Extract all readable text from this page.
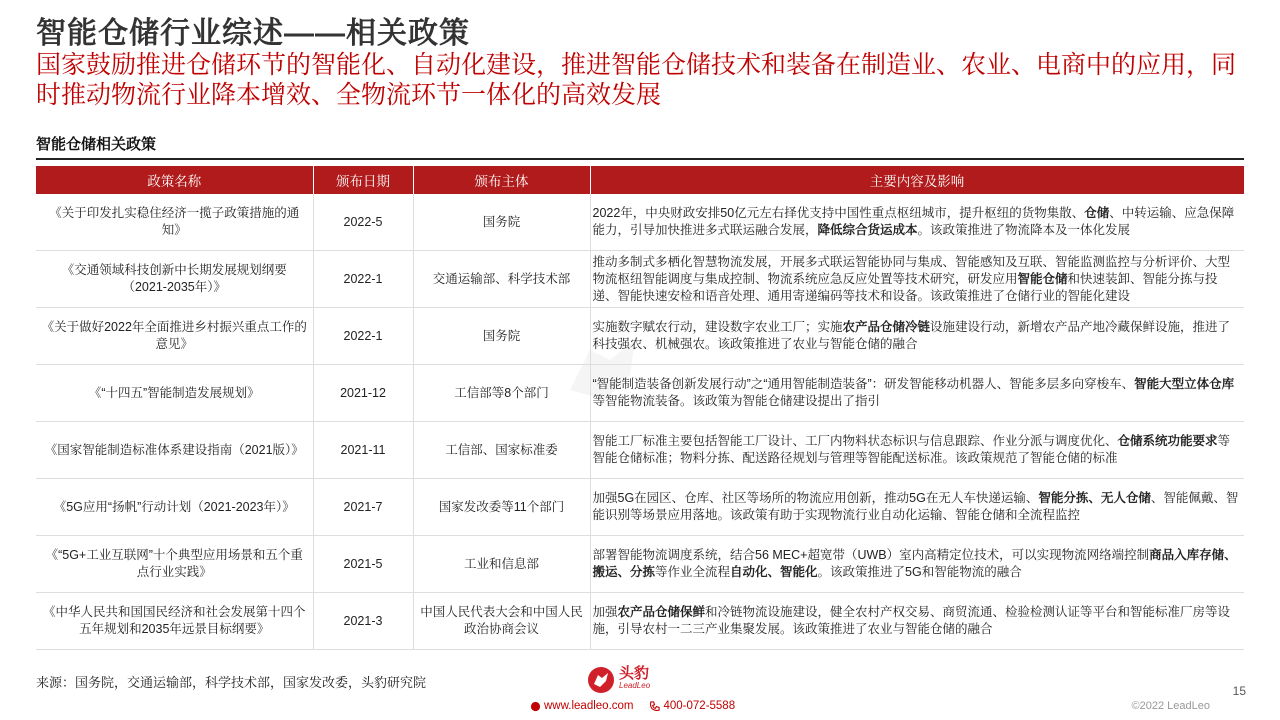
智能仓储行业综述——相关政策
国家鼓励推进仓储环节的智能化、自动化建设，推进智能仓储技术和装备在制造业、农业、电商中的应用，同时推动物流行业降本增效、全物流环节一体化的高效发展
智能仓储相关政策
政策名称	颁布日期	颁布主体	主要内容及影响
《关于印发扎实稳住经济一揽子政策措施的通知》	2022-5	国务院	2022年，中央财政安排50亿元左右择优支持中国性重点枢纽城市，提升枢纽的货物集散、仓储、中转运输、应急保障能力，引导加快推进多式联运融合发展，降低综合货运成本。该政策推进了物流降本及一体化发展
《交通领域科技创新中长期发展规划纲要（2021-2035年）》	2022-1	交通运输部、科学技术部	推动多制式多栖化智慧物流发展，开展多式联运智能协同与集成、智能感知及互联、智能监测监控与分析评价、大型物流枢纽智能调度与集成控制、物流系统应急反应处置等技术研究，研发应用智能仓储和快速装卸、智能分拣与投递、智能快速安检和语音处理、通用寄递编码等技术和设备。该政策推进了仓储行业的智能化建设
《关于做好2022年全面推进乡村振兴重点工作的意见》	2022-1	国务院	实施数字赋农行动，建设数字农业工厂；实施农产品仓储冷链设施建设行动，新增农产品产地冷藏保鲜设施，推进了科技强农、机械强农。该政策推进了农业与智能仓储的融合
《“十四五”智能制造发展规划》	2021-12	工信部等8个部门	“智能制造装备创新发展行动”之“通用智能制造装备”：研发智能移动机器人、智能多层多向穿梭车、智能大型立体仓库等智能物流装备。该政策为智能仓储建设提出了指引
《国家智能制造标准体系建设指南（2021版）》	2021-11	工信部、国家标准委	智能工厂标准主要包括智能工厂设计、工厂内物料状态标识与信息跟踪、作业分派与调度优化、仓储系统功能要求等智能仓储标准；物料分拣、配送路径规划与管理等智能配送标准。该政策规范了智能仓储的标准
《5G应用“扬帆”行动计划（2021-2023年）》	2021-7	国家发改委等11个部门	加强5G在园区、仓库、社区等场所的物流应用创新，推动5G在无人车快递运输、智能分拣、无人仓储、智能佩戴、智能识别等场景应用落地。该政策有助于实现物流行业自动化运输、智能仓储和全流程监控
《“5G+工业互联网”十个典型应用场景和五个重点行业实践》	2021-5	工业和信息部	部署智能物流调度系统，结合56 MEC+超宽带（UWB）室内高精定位技术，可以实现物流网络端控制商品入库存储、搬运、分拣等作业全流程自动化、智能化。该政策推进了5G和智能物流的融合
《中华人民共和国国民经济和社会发展第十四个五年规划和2035年远景目标纲要》	2021-3	中国人民代表大会和中国人民政治协商会议	加强农产品仓储保鲜和冷链物流设施建设，健全农村产权交易、商贸流通、检验检测认证等平台和智能标准厂房等设施，引导农村一二三产业集聚发展。该政策推进了农业与智能仓储的融合
来源：国务院，交通运输部，科学技术部，国家发改委，头豹研究院
头豹
LeadLeo
www.leadleo.com	400-072-5588
15
©2022 LeadLeo
